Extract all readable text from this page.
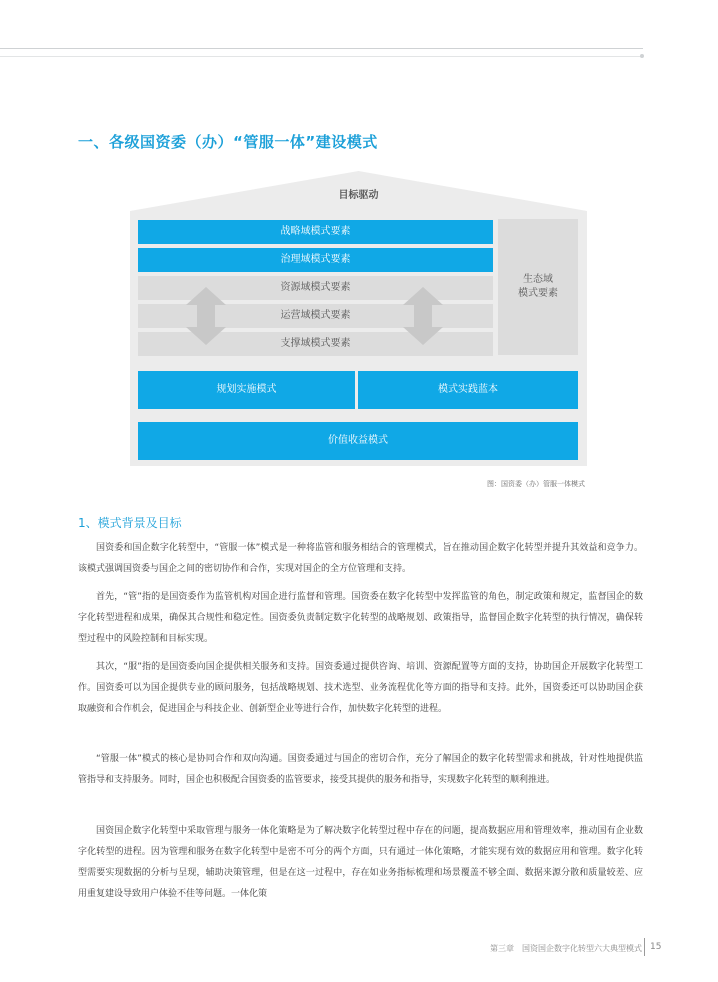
一、各级国资委（办）“管服一体”建设模式
目标驱动
战略域模式要素
治理域模式要素
资源域模式要素
运营域模式要素
支撑域模式要素
生态域
模式要素
规划实施模式	模式实践蓝本
价值收益模式
图：国资委（办）管服一体模式
1、模式背景及目标

国资委和国企数字化转型中，“管服一体”模式是一种将监管和服务相结合的管理模式，旨在推动国企数字化转型并提升其效益和竞争力。该模式强调国资委与国企之间的密切协作和合作，实现对国企的全方位管理和支持。

首先，“管”指的是国资委作为监管机构对国企进行监督和管理。国资委在数字化转型中发挥监管的角色，制定政策和规定，监督国企的数字化转型进程和成果，确保其合规性和稳定性。国资委负责制定数字化转型的战略规划、政策指导，监督国企数字化转型的执行情况，确保转型过程中的风险控制和目标实现。

其次，“服”指的是国资委向国企提供相关服务和支持。国资委通过提供咨询、培训、资源配置等方面的支持，协助国企开展数字化转型工作。国资委可以为国企提供专业的顾问服务，包括战略规划、技术选型、业务流程优化等方面的指导和支持。此外，国资委还可以协助国企获取融资和合作机会，促进国企与科技企业、创新型企业等进行合作，加快数字化转型的进程。

“管服一体”模式的核心是协同合作和双向沟通。国资委通过与国企的密切合作，充分了解国企的数字化转型需求和挑战，针对性地提供监管指导和支持服务。同时，国企也积极配合国资委的监管要求，接受其提供的服务和指导，实现数字化转型的顺利推进。

国资国企数字化转型中采取管理与服务一体化策略是为了解决数字化转型过程中存在的问题，提高数据应用和管理效率，推动国有企业数字化转型的进程。因为管理和服务在数字化转型中是密不可分的两个方面，只有通过一体化策略，才能实现有效的数据应用和管理。数字化转型需要实现数据的分析与呈现，辅助决策管理，但是在这一过程中，存在如业务指标梳理和场景覆盖不够全面、数据来源分散和质量较差、应用重复建设导致用户体验不佳等问题。一体化策

第三章　国资国企数字化转型六大典型模式 15
